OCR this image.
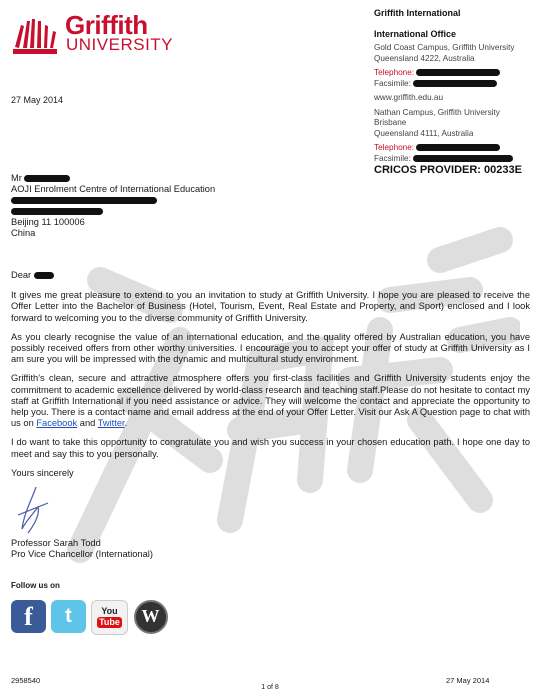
Griffith
UNIVERSITY
Griffith International
International Office
Gold Coast Campus, Griffith University
Queensland 4222, Australia
Telephone:
Facsimile:
www.griffith.edu.au
Nathan Campus, Griffith University
Brisbane
Queensland 4111, Australia
Telephone:
Facsimile:
CRICOS PROVIDER: 00233E
27 May 2014
Mr
AOJI Enrolment Centre of International Education
Beijing 11 100006
China

Dear

It gives me great pleasure to extend to you an invitation to study at Griffith University. I hope you are pleased to receive the Offer Letter into the Bachelor of Business (Hotel, Tourism, Event, Real Estate and Property, and Sport) enclosed and I look forward to welcoming you to the diverse community of Griffith University.

As you clearly recognise the value of an international education, and the quality offered by Australian education, you have possibly received offers from other worthy universities. I encourage you to accept your offer of study at Griffith University as I am sure you will be impressed with the dynamic and multicultural study environment.

Griffith's clean, secure and attractive atmosphere offers you first-class facilities and Griffith University students enjoy the commitment to academic excellence delivered by world-class research and teaching staff.Please do not hesitate to contact my staff at Griffith International if you need assistance or advice. They will welcome the contact and appreciate the opportunity to help you. There is a contact name and email address at the end of your Offer Letter. Visit our Ask A Question page to chat with us on Facebook and Twitter.

I do want to take this opportunity to congratulate you and wish you success in your chosen education path. I hope one day to meet and say this to you personally.

Yours sincerely

Professor Sarah Todd
Pro Vice Chancellor (International)
Follow us on
f	t	You
Tube	W
2958540	27 May 2014
1 of 8
